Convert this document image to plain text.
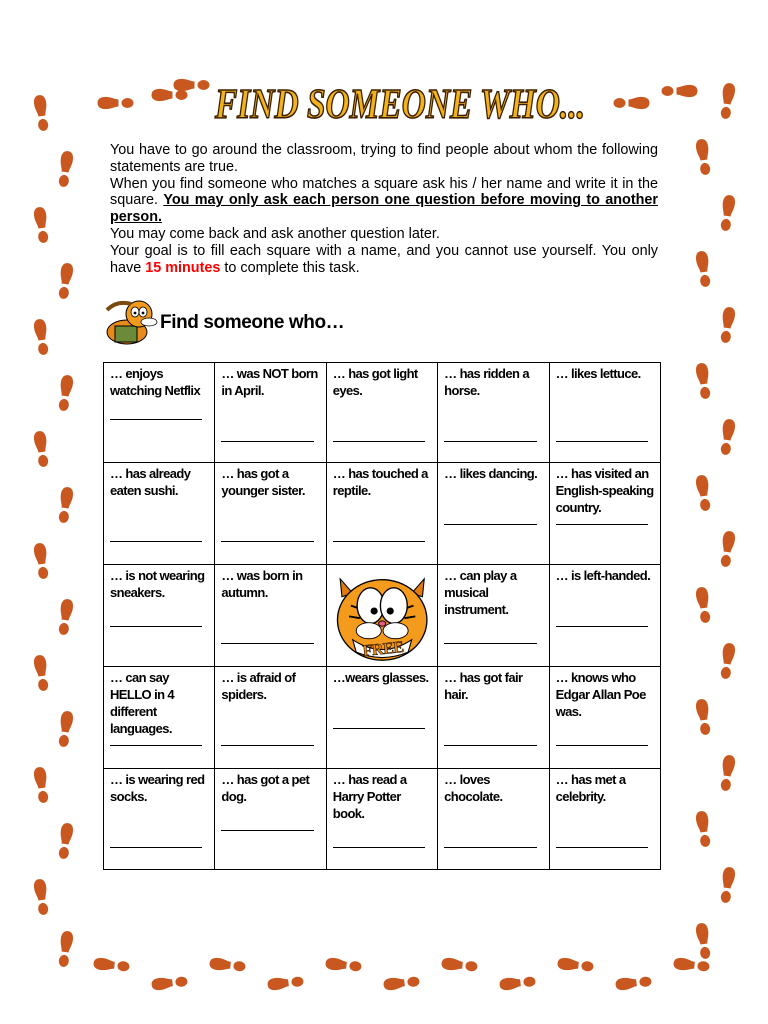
FIND SOMEONE WHO...

You have to go around the classroom, trying to find people about whom the following statements are true.

When you find someone who matches a square ask his / her name and write it in the square. You may only ask each person one question before moving to another person.

You may come back and ask another question later.

Your goal is to fill each square with a name, and you cannot use yourself. You only have 15 minutes to complete this task.

Find someone who…
… enjoys watching Netflix	… was NOT born in April.	… has got light eyes.	… has ridden a horse.	… likes lettuce.

… has already eaten sushi.	… has got a younger sister.	… has touched a reptile.	… likes dancing.	… has visited an English-speaking country.

… is not wearing sneakers.	… was born in autumn.	FREE	… can play a musical instrument.	… is left-handed.

… can say HELLO in 4 different languages.	… is afraid of spiders.	…wears glasses.	… has got fair hair.	… knows who Edgar Allan Poe was.

… is wearing red socks.	… has got a pet dog.	… has read a Harry Potter book.	… loves chocolate.	… has met a celebrity.
